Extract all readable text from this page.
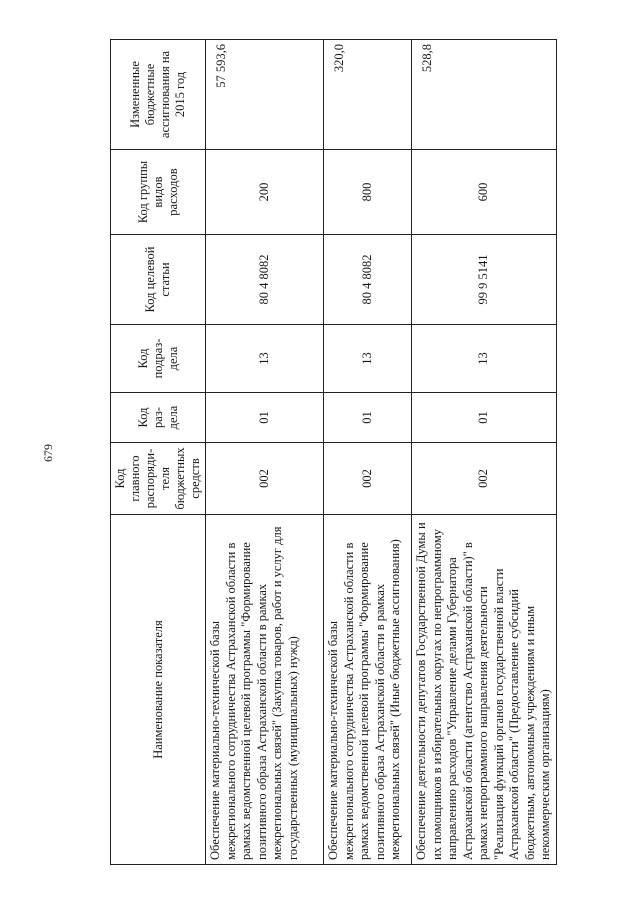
679
Наименование показателя	Код главного распоряди-теля бюджетных средств	Код раз-дела	Код подраз-дела	Код целевой статьи	Код группы видов расходов	Измененные бюджетные ассигнования на 2015 год
Обеспечение материально-технической базы межрегионального сотрудничества Астраханской области в рамках ведомственной целевой программы "Формирование позитивного образа Астраханской области в рамках межрегиональных связей" (Закупка товаров, работ и услуг для государственных (муниципальных) нужд)	002	01	13	80 4 8082	200	57 593,6
Обеспечение материально-технической базы межрегионального сотрудничества Астраханской области в рамках ведомственной целевой программы "Формирование позитивного образа Астраханской области в рамках межрегиональных связей" (Иные бюджетные ассигнования)	002	01	13	80 4 8082	800	320,0
Обеспечение деятельности депутатов Государственной Думы и их помощников в избирательных округах по непрограммному направлению расходов "Управление делами Губернатора Астраханской области (агентство Астраханской области)" в рамках непрограммного направления деятельности "Реализация функций органов государственной власти Астраханской области" (Предоставление субсидий бюджетным, автономным учреждениям и иным некоммерческим организациям)	002	01	13	99 9 5141	600	528,8
